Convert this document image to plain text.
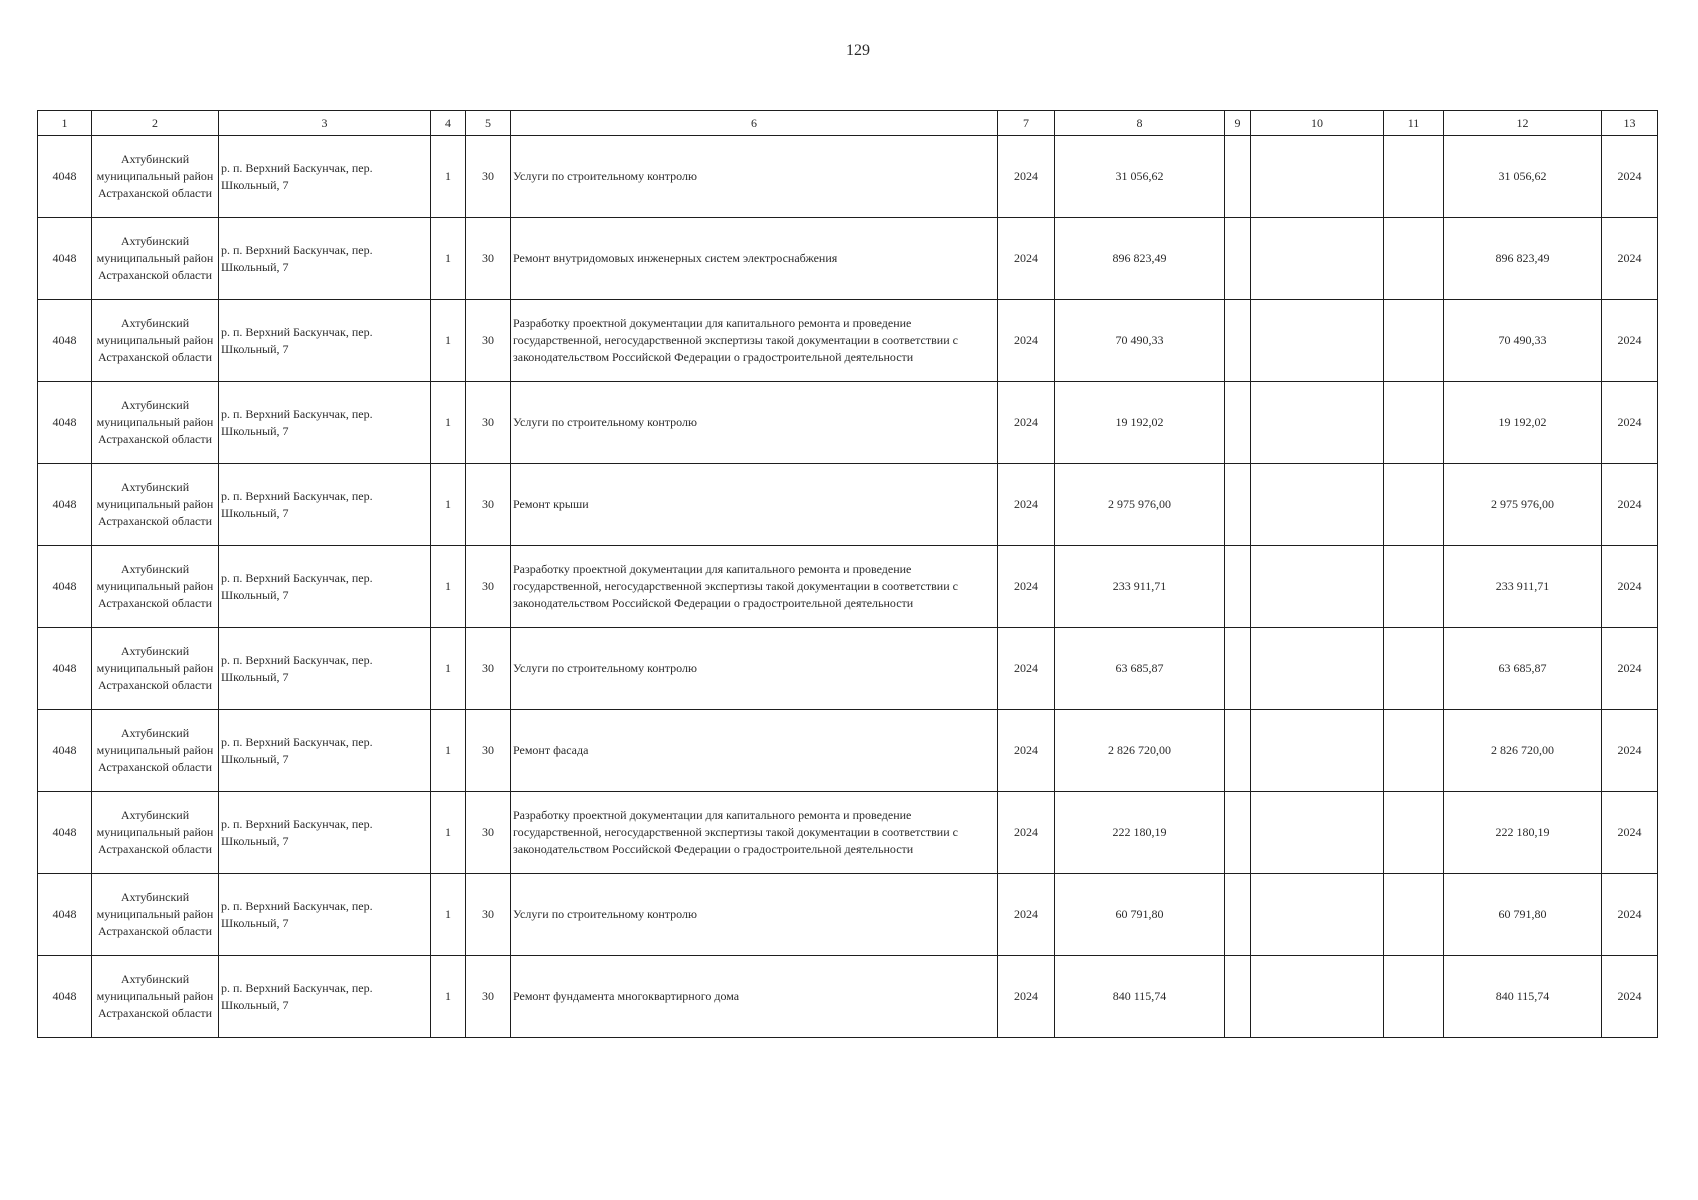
129
1	2	3	4	5	6	7	8	9	10	11	12	13
4048	Ахтубинский муниципальный район Астраханской области	р. п. Верхний Баскунчак, пер. Школьный, 7	1	30	Услуги по строительному контролю	2024	31 056,62				31 056,62	2024
4048	Ахтубинский муниципальный район Астраханской области	р. п. Верхний Баскунчак, пер. Школьный, 7	1	30	Ремонт внутридомовых инженерных систем электроснабжения	2024	896 823,49				896 823,49	2024
4048	Ахтубинский муниципальный район Астраханской области	р. п. Верхний Баскунчак, пер. Школьный, 7	1	30	Разработку проектной документации для капитального ремонта и проведение государственной, негосударственной экспертизы такой документации в соответствии с законодательством Российской Федерации о градостроительной деятельности	2024	70 490,33				70 490,33	2024
4048	Ахтубинский муниципальный район Астраханской области	р. п. Верхний Баскунчак, пер. Школьный, 7	1	30	Услуги по строительному контролю	2024	19 192,02				19 192,02	2024
4048	Ахтубинский муниципальный район Астраханской области	р. п. Верхний Баскунчак, пер. Школьный, 7	1	30	Ремонт крыши	2024	2 975 976,00				2 975 976,00	2024
4048	Ахтубинский муниципальный район Астраханской области	р. п. Верхний Баскунчак, пер. Школьный, 7	1	30	Разработку проектной документации для капитального ремонта и проведение государственной, негосударственной экспертизы такой документации в соответствии с законодательством Российской Федерации о градостроительной деятельности	2024	233 911,71				233 911,71	2024
4048	Ахтубинский муниципальный район Астраханской области	р. п. Верхний Баскунчак, пер. Школьный, 7	1	30	Услуги по строительному контролю	2024	63 685,87				63 685,87	2024
4048	Ахтубинский муниципальный район Астраханской области	р. п. Верхний Баскунчак, пер. Школьный, 7	1	30	Ремонт фасада	2024	2 826 720,00				2 826 720,00	2024
4048	Ахтубинский муниципальный район Астраханской области	р. п. Верхний Баскунчак, пер. Школьный, 7	1	30	Разработку проектной документации для капитального ремонта и проведение государственной, негосударственной экспертизы такой документации в соответствии с законодательством Российской Федерации о градостроительной деятельности	2024	222 180,19				222 180,19	2024
4048	Ахтубинский муниципальный район Астраханской области	р. п. Верхний Баскунчак, пер. Школьный, 7	1	30	Услуги по строительному контролю	2024	60 791,80				60 791,80	2024
4048	Ахтубинский муниципальный район Астраханской области	р. п. Верхний Баскунчак, пер. Школьный, 7	1	30	Ремонт фундамента многоквартирного дома	2024	840 115,74				840 115,74	2024
